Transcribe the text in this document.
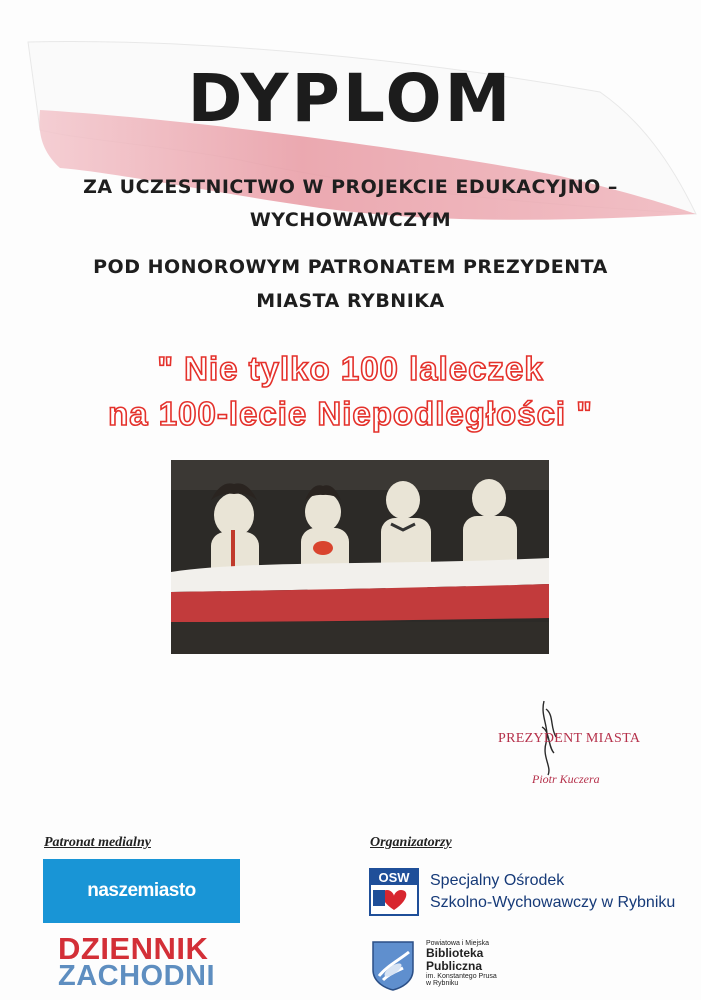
DYPLOM
ZA UCZESTNICTWO W PROJEKCIE EDUKACYJNO –
WYCHOWAWCZYM
POD HONOROWYM PATRONATEM PREZYDENTA
MIASTA RYBNIKA
" Nie tylko 100 laleczek
na 100-lecie Niepodległości "
PREZYDENT MIASTA
Piotr Kuczera
Patronat medialny	Organizatorzy
naszemiasto
DZIENNIK
ZACHODNI
OSW Specjalny Ośrodek
Szkolno-Wychowawczy w Rybniku
Powiatowa i Miejska
Biblioteka
Publiczna
im. Konstantego Prusa
w Rybniku
